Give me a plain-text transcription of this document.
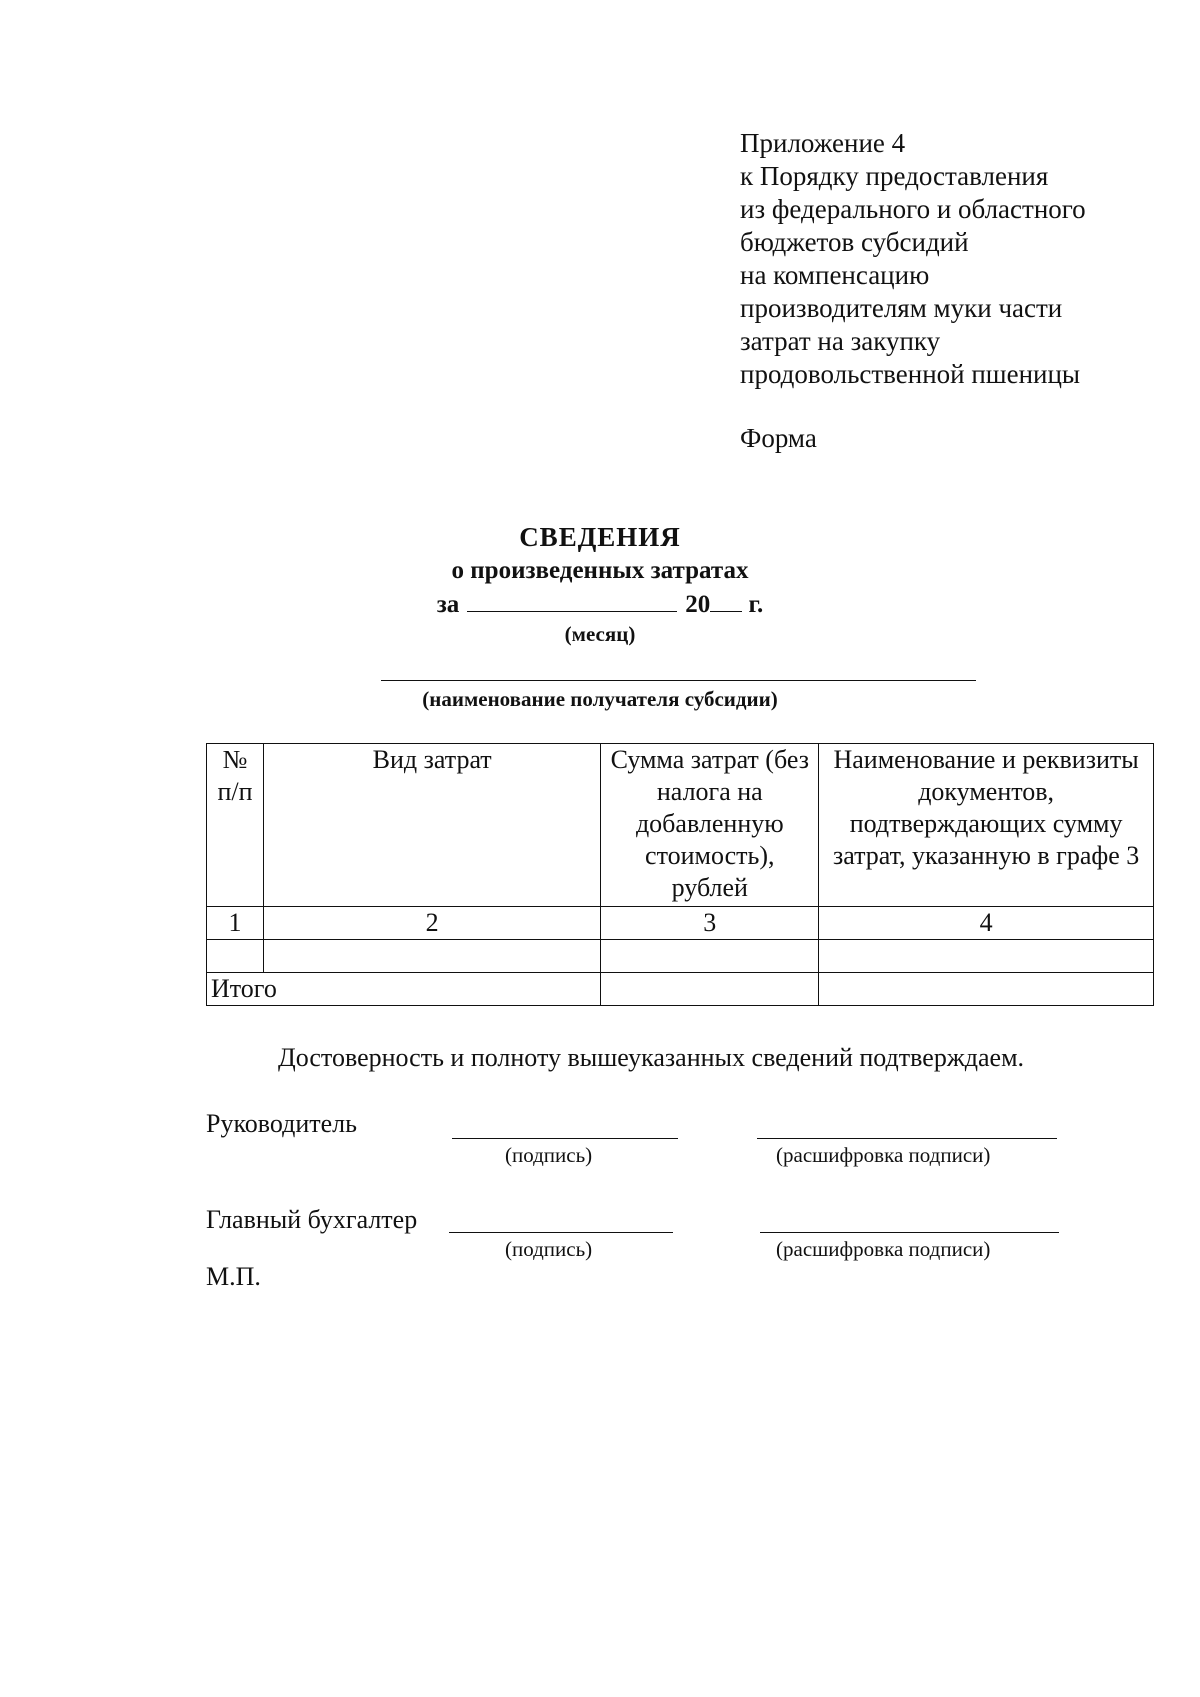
Приложение 4
к Порядку предоставления
из федерального и областного
бюджетов субсидий
на компенсацию
производителям муки части
затрат на закупку
продовольственной пшеницы
Форма
СВЕДЕНИЯ
о произведенных затратах
за	20 г.
(месяц)
(наименование получателя субсидии)
№ п/п	Вид затрат	Сумма затрат (без налога на добавленную стоимость), рублей	Наименование и реквизиты документов, подтверждающих сумму затрат, указанную в графе 3
1	2	3	4

Итого			
Достоверность и полноту вышеуказанных сведений подтверждаем.
Руководитель
(подпись)	(расшифровка подписи)
Главный бухгалтер
(подпись)	(расшифровка подписи)
М.П.
